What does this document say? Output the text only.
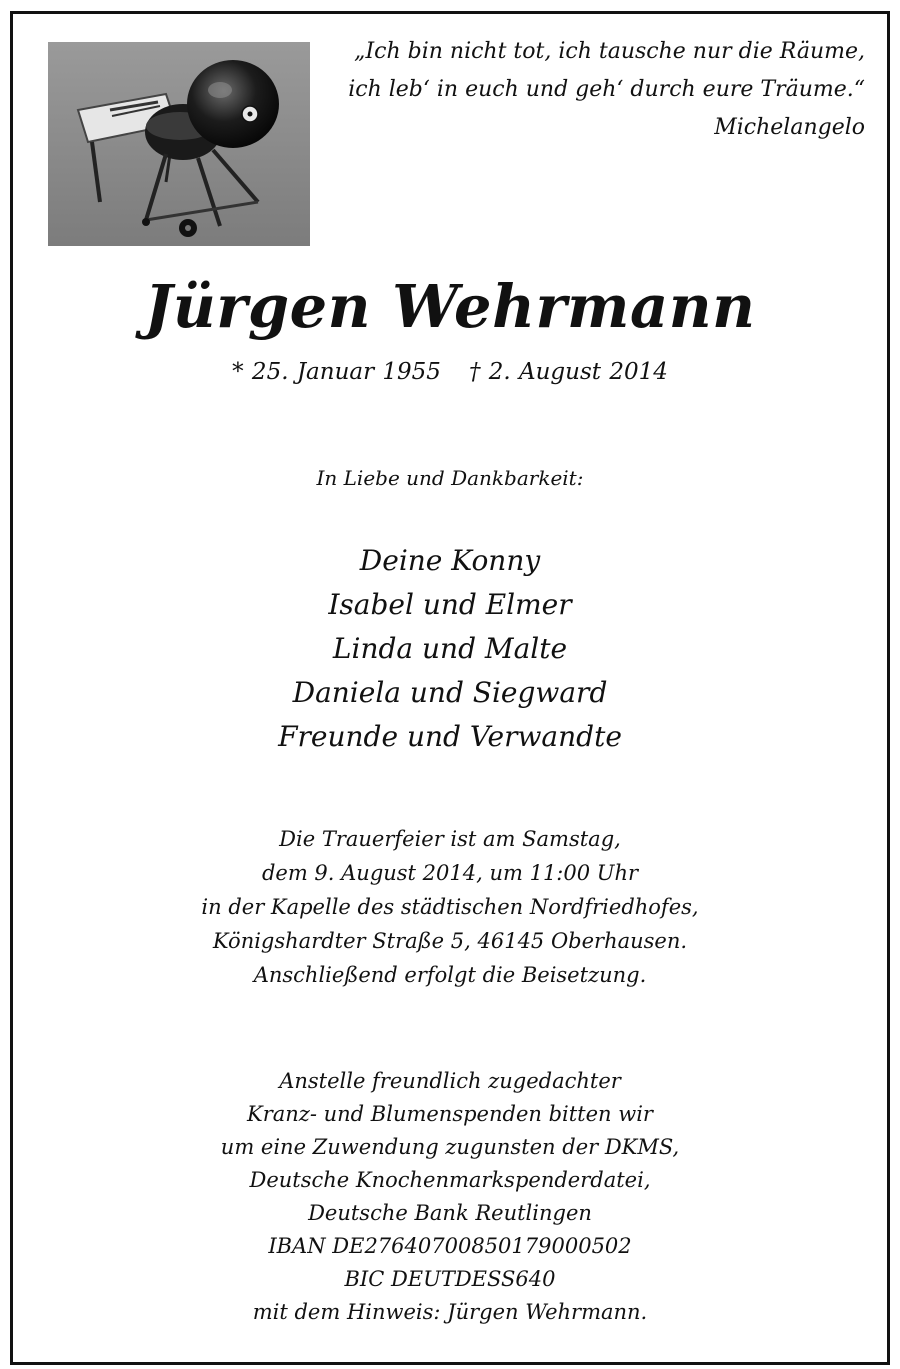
„Ich bin nicht tot, ich tausche nur die Räume,
ich leb‘ in euch und geh‘ durch eure Träume.“
Michelangelo
Jürgen Wehrmann
* 25. Januar 1955 † 2. August 2014
In Liebe und Dankbarkeit:
Deine Konny
Isabel und Elmer
Linda und Malte
Daniela und Siegward
Freunde und Verwandte
Die Trauerfeier ist am Samstag,
dem 9. August 2014, um 11:00 Uhr
in der Kapelle des städtischen Nordfriedhofes,
Königshardter Straße 5, 46145 Oberhausen.
Anschließend erfolgt die Beisetzung.
Anstelle freundlich zugedachter
Kranz- und Blumenspenden bitten wir
um eine Zuwendung zugunsten der DKMS,
Deutsche Knochenmarkspenderdatei,
Deutsche Bank Reutlingen
IBAN DE27640700850179000502
BIC DEUTDESS640
mit dem Hinweis: Jürgen Wehrmann.
